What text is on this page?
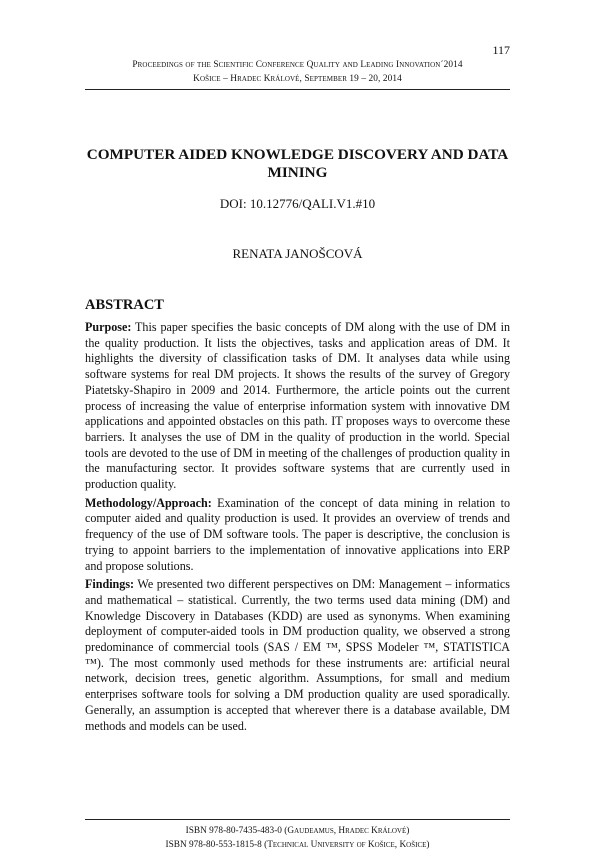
117
Proceedings of the Scientific Conference Quality and Leading Innovation´2014
Košice – Hradec Králové, September 19 – 20, 2014
COMPUTER AIDED KNOWLEDGE DISCOVERY AND DATA MINING
DOI: 10.12776/QALI.V1.#10
RENATA JANOŠCOVÁ
ABSTRACT

Purpose: This paper specifies the basic concepts of DM along with the use of DM in the quality production. It lists the objectives, tasks and application areas of DM. It highlights the diversity of classification tasks of DM. It analyses data while using software systems for real DM projects. It shows the results of the survey of Gregory Piatetsky-Shapiro in 2009 and 2014. Furthermore, the article points out the current process of increasing the value of enterprise information system with innovative DM applications and appointed obstacles on this path. IT proposes ways to overcome these barriers. It analyses the use of DM in the quality of production in the world. Special tools are devoted to the use of DM in meeting of the challenges of production quality in the manufacturing sector. It provides software systems that are currently used in production quality.

Methodology/Approach: Examination of the concept of data mining in relation to computer aided and quality production is used. It provides an overview of trends and frequency of the use of DM software tools. The paper is descriptive, the conclusion is trying to appoint barriers to the implementation of innovative applications into ERP and propose solutions.

Findings: We presented two different perspectives on DM: Management – informatics and mathematical – statistical. Currently, the two terms used data mining (DM) and Knowledge Discovery in Databases (KDD) are used as synonyms. When examining deployment of computer-aided tools in DM production quality, we observed a strong predominance of commercial tools (SAS / EM ™, SPSS Modeler ™, STATISTICA ™). The most commonly used methods for these instruments are: artificial neural network, decision trees, genetic algorithm. Assumptions, for small and medium enterprises software tools for solving a DM production quality are used sporadically. Generally, an assumption is accepted that wherever there is a database available, DM methods and models can be used.

ISBN 978-80-7435-483-0 (Gaudeamus, Hradec Králové)
ISBN 978-80-553-1815-8 (Technical University of Košice, Košice)
